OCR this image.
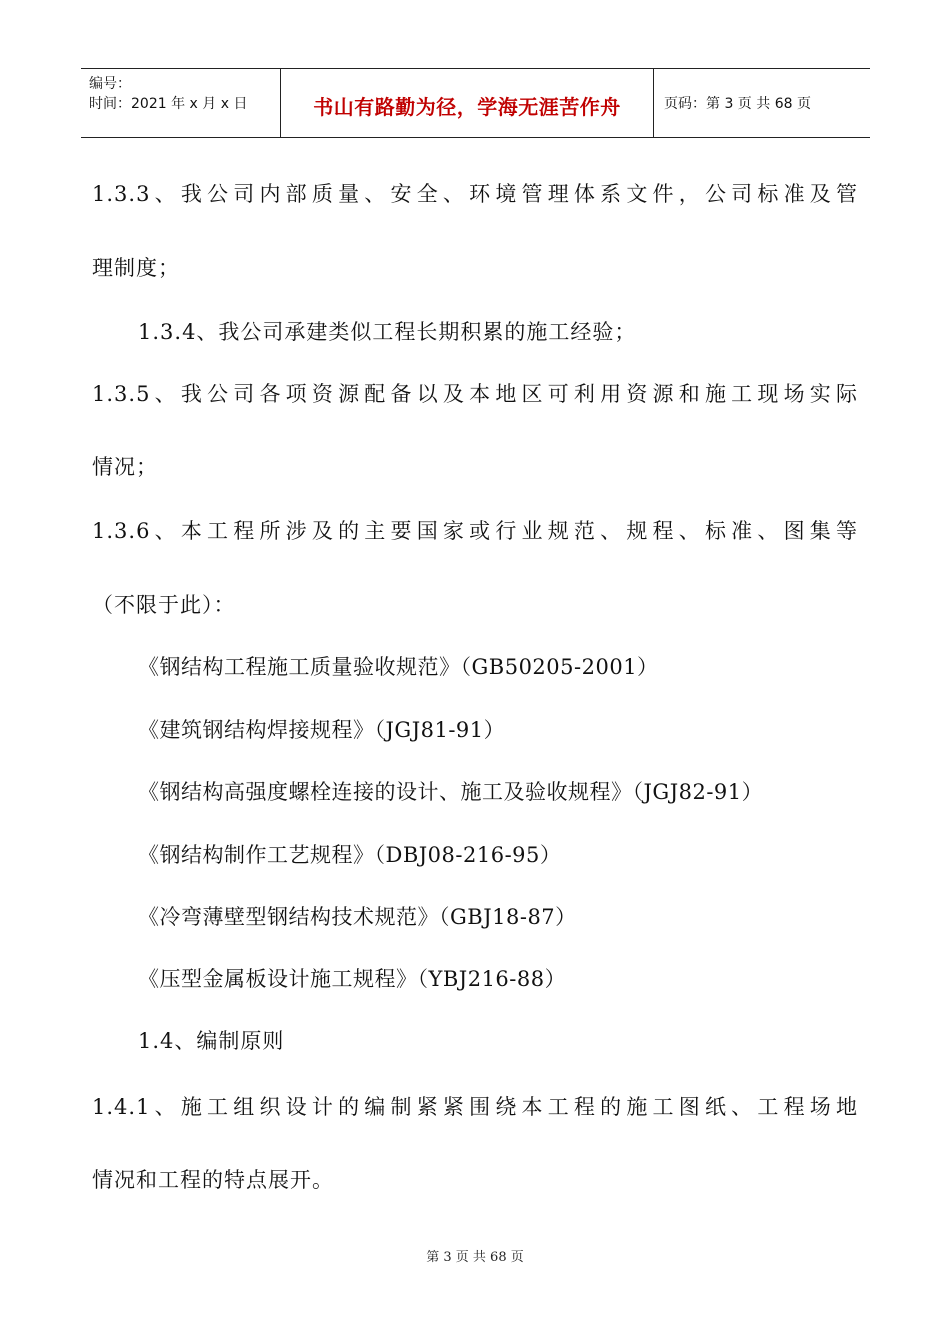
编号：
时间：2021 年 x 月 x 日	书山有路勤为径，学海无涯苦作舟	页码：第 3 页 共 68 页

1.3.3、我公司内部质量、安全、环境管理体系文件，公司标准及管

理制度；

1.3.4、我公司承建类似工程长期积累的施工经验；

1.3.5、我公司各项资源配备以及本地区可利用资源和施工现场实际

情况；

1.3.6、本工程所涉及的主要国家或行业规范、规程、标准、图集等

（不限于此）：

《钢结构工程施工质量验收规范》（GB50205-2001）

《建筑钢结构焊接规程》（JGJ81-91）

《钢结构高强度螺栓连接的设计、施工及验收规程》（JGJ82-91）

《钢结构制作工艺规程》（DBJ08-216-95）

《冷弯薄壁型钢结构技术规范》（GBJ18-87）

《压型金属板设计施工规程》（YBJ216-88）

1.4、编制原则

1.4.1、施工组织设计的编制紧紧围绕本工程的施工图纸、工程场地

情况和工程的特点展开。

第 3 页 共 68 页
